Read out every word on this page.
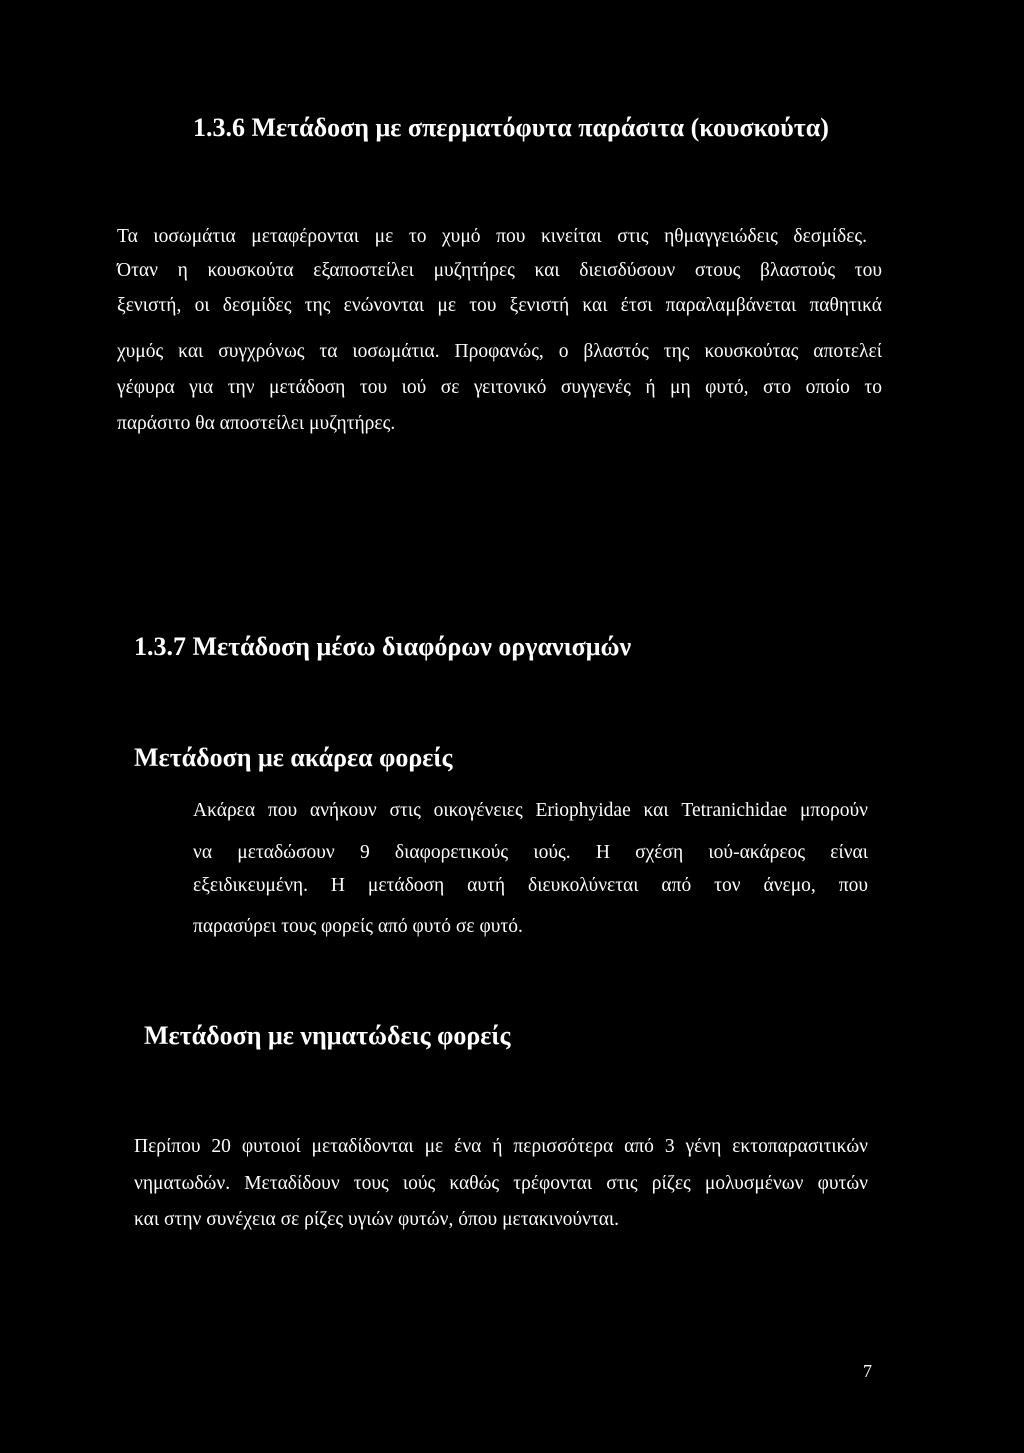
1.3.6 Μετάδοση με σπερματόφυτα παράσιτα (κουσκούτα)
Τα ιοσωμάτια μεταφέρονται με το χυμό που κινείται στις ηθμαγγειώδεις δεσμίδες.
Όταν η κουσκούτα εξαποστείλει μυζητήρες και διεισδύσουν στους βλαστούς του
ξενιστή, οι δεσμίδες της ενώνονται με του ξενιστή και έτσι παραλαμβάνεται παθητικά
χυμός και συγχρόνως τα ιοσωμάτια. Προφανώς, ο βλαστός της κουσκούτας αποτελεί
γέφυρα για την μετάδοση του ιού σε γειτονικό συγγενές ή μη φυτό, στο οποίο το
παράσιτο θα αποστείλει μυζητήρες.
1.3.7 Μετάδοση μέσω διαφόρων οργανισμών
Μετάδοση με ακάρεα φορείς
Ακάρεα που ανήκουν στις οικογένειες Eriophyidae και Tetranichidae μπορούν
να μεταδώσουν 9 διαφορετικούς ιούς. Η σχέση ιού-ακάρεος είναι
εξειδικευμένη. Η μετάδοση αυτή διευκολύνεται από τον άνεμο, που
παρασύρει τους φορείς από φυτό σε φυτό.
Μετάδοση με νηματώδεις φορείς
Περίπου 20 φυτοιοί μεταδίδονται με ένα ή περισσότερα από 3 γένη εκτοπαρασιτικών
νηματωδών. Μεταδίδουν τους ιούς καθώς τρέφονται στις ρίζες μολυσμένων φυτών
και στην συνέχεια σε ρίζες υγιών φυτών, όπου μετακινούνται.
7
